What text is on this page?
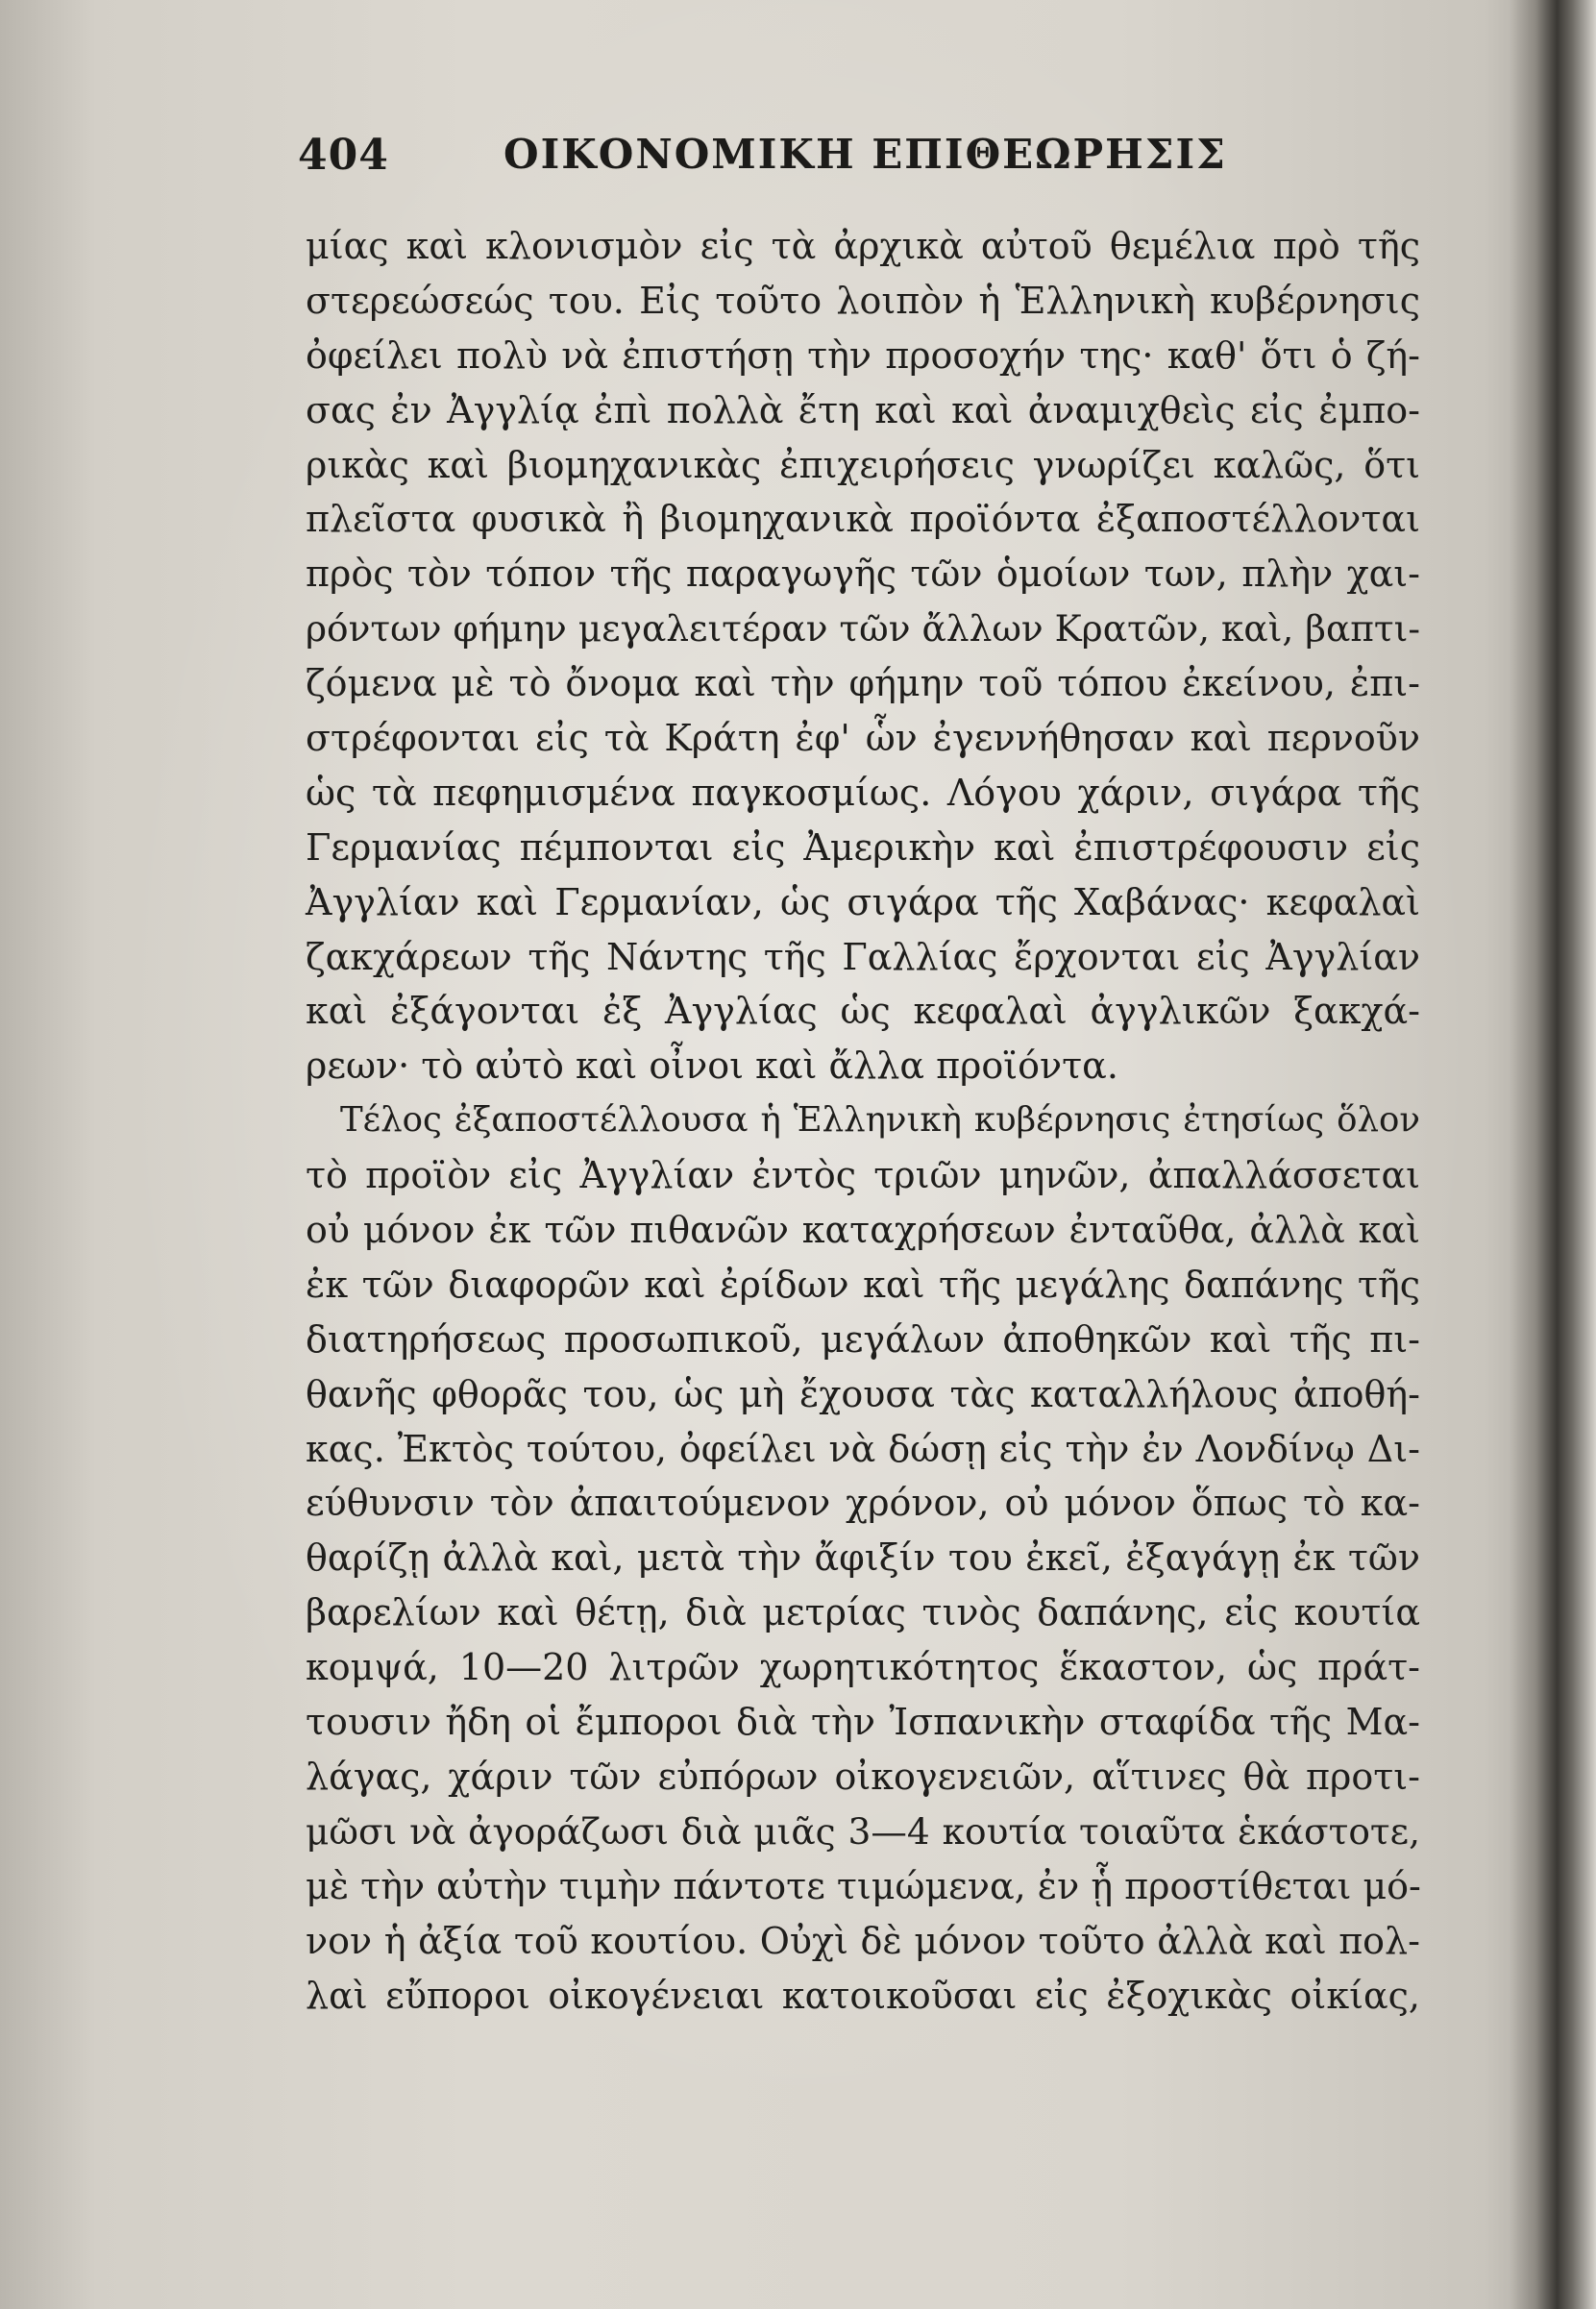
404	ΟΙΚΟΝΟΜΙΚΗ ΕΠΙΘΕΩΡΗΣΙΣ
μίας καὶ κλονισμὸν εἰς τὰ ἀρχικὰ αὐτοῦ θεμέλια πρὸ τῆς
στερεώσεώς του. Εἰς τοῦτο λοιπὸν ἡ Ἑλληνικὴ κυβέρνησις
ὀφείλει πολὺ νὰ ἐπιστήσῃ τὴν προσοχήν της· καθ' ὅτι ὁ ζή-
σας ἐν Ἀγγλίᾳ ἐπὶ πολλὰ ἔτη καὶ καὶ ἀναμιχθεὶς εἰς ἐμπο-
ρικὰς καὶ βιομηχανικὰς ἐπιχειρήσεις γνωρίζει καλῶς, ὅτι
πλεῖστα φυσικὰ ἢ βιομηχανικὰ προϊόντα ἐξαποστέλλονται
πρὸς τὸν τόπον τῆς παραγωγῆς τῶν ὁμοίων των, πλὴν χαι-
ρόντων φήμην μεγαλειτέραν τῶν ἄλλων Κρατῶν, καὶ, βαπτι-
ζόμενα μὲ τὸ ὄνομα καὶ τὴν φήμην τοῦ τόπου ἐκείνου, ἐπι-
στρέφονται εἰς τὰ Κράτη ἐφ' ὧν ἐγεννήθησαν καὶ περνοῦν
ὡς τὰ πεφημισμένα παγκοσμίως. Λόγου χάριν, σιγάρα τῆς
Γερμανίας πέμπονται εἰς Ἀμερικὴν καὶ ἐπιστρέφουσιν εἰς
Ἀγγλίαν καὶ Γερμανίαν, ὡς σιγάρα τῆς Χαβάνας· κεφαλαὶ
ζακχάρεων τῆς Νάντης τῆς Γαλλίας ἔρχονται εἰς Ἀγγλίαν
καὶ ἐξάγονται ἐξ Ἀγγλίας ὡς κεφαλαὶ ἀγγλικῶν ξακχά-
ρεων· τὸ αὐτὸ καὶ οἶνοι καὶ ἄλλα προϊόντα.
Τέλος ἐξαποστέλλουσα ἡ Ἑλληνικὴ κυβέρνησις ἐτησίως ὅλον
τὸ προϊὸν εἰς Ἀγγλίαν ἐντὸς τριῶν μηνῶν, ἀπαλλάσσεται
οὐ μόνον ἐκ τῶν πιθανῶν καταχρήσεων ἐνταῦθα, ἀλλὰ καὶ
ἐκ τῶν διαφορῶν καὶ ἐρίδων καὶ τῆς μεγάλης δαπάνης τῆς
διατηρήσεως προσωπικοῦ, μεγάλων ἀποθηκῶν καὶ τῆς πι-
θανῆς φθορᾶς του, ὡς μὴ ἔχουσα τὰς καταλλήλους ἀποθή-
κας. Ἐκτὸς τούτου, ὀφείλει νὰ δώσῃ εἰς τὴν ἐν Λονδίνῳ Δι-
εύθυνσιν τὸν ἀπαιτούμενον χρόνον, οὐ μόνον ὅπως τὸ κα-
θαρίζῃ ἀλλὰ καὶ, μετὰ τὴν ἄφιξίν του ἐκεῖ, ἐξαγάγῃ ἐκ τῶν
βαρελίων καὶ θέτῃ, διὰ μετρίας τινὸς δαπάνης, εἰς κουτία
κομψά, 10—20 λιτρῶν χωρητικότητος ἕκαστον, ὡς πράτ-
τουσιν ἤδη οἱ ἔμποροι διὰ τὴν Ἰσπανικὴν σταφίδα τῆς Μα-
λάγας, χάριν τῶν εὐπόρων οἰκογενειῶν, αἵτινες θὰ προτι-
μῶσι νὰ ἀγοράζωσι διὰ μιᾶς 3—4 κουτία τοιαῦτα ἑκάστοτε,
μὲ τὴν αὐτὴν τιμὴν πάντοτε τιμώμενα, ἐν ᾗ προστίθεται μό-
νον ἡ ἀξία τοῦ κουτίου. Οὐχὶ δὲ μόνον τοῦτο ἀλλὰ καὶ πολ-
λαὶ εὔποροι οἰκογένειαι κατοικοῦσαι εἰς ἐξοχικὰς οἰκίας,
